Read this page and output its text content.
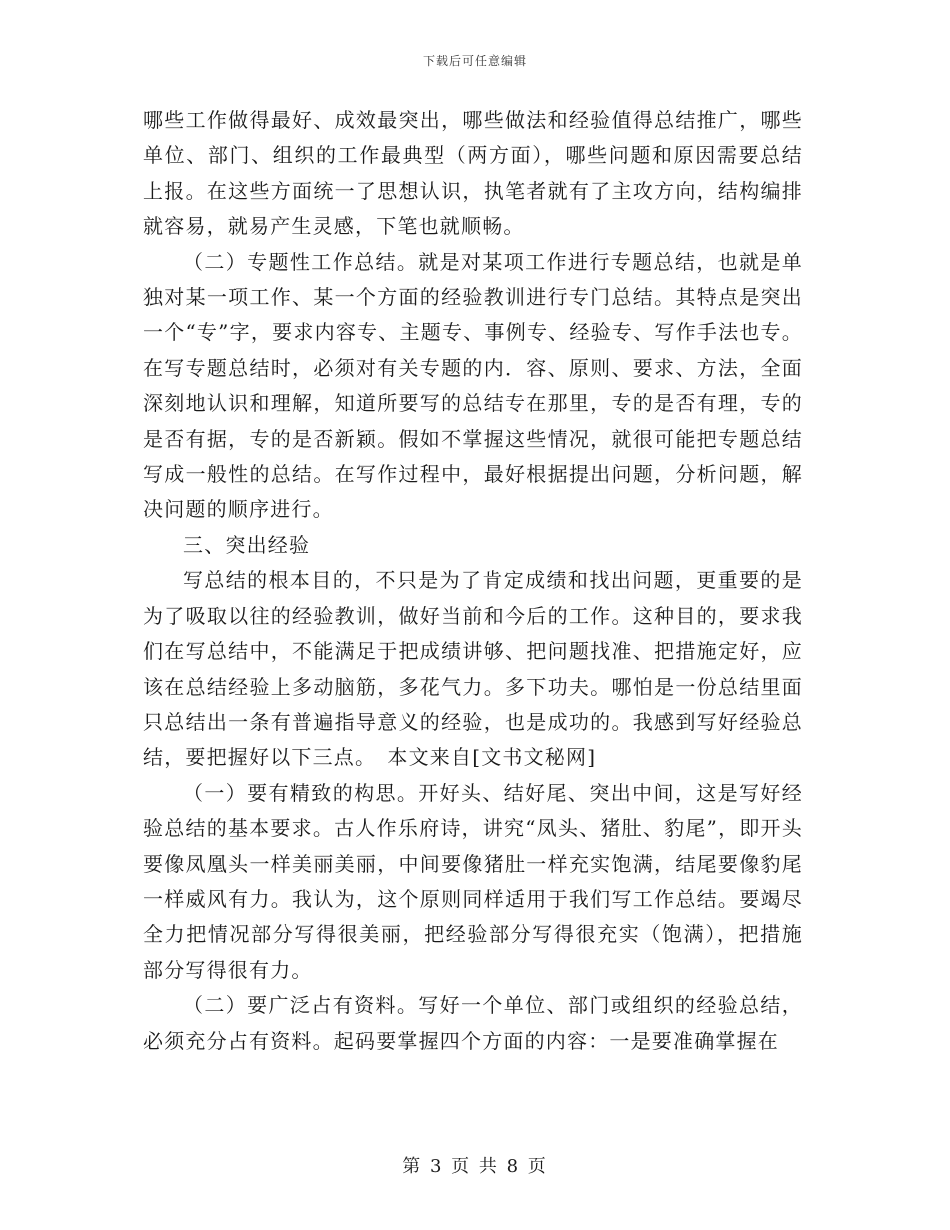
下载后可任意编辑

哪些工作做得最好、成效最突出，哪些做法和经验值得总结推广，哪些单位、部门、组织的工作最典型（两方面），哪些问题和原因需要总结上报。在这些方面统一了思想认识，执笔者就有了主攻方向，结构编排就容易，就易产生灵感，下笔也就顺畅。

（二）专题性工作总结。就是对某项工作进行专题总结，也就是单独对某一项工作、某一个方面的经验教训进行专门总结。其特点是突出一个“专”字，要求内容专、主题专、事例专、经验专、写作手法也专。在写专题总结时，必须对有关专题的内．容、原则、要求、方法，全面深刻地认识和理解，知道所要写的总结专在那里，专的是否有理，专的是否有据，专的是否新颖。假如不掌握这些情况，就很可能把专题总结写成一般性的总结。在写作过程中，最好根据提出问题，分析问题，解决问题的顺序进行。

三、突出经验

写总结的根本目的，不只是为了肯定成绩和找出问题，更重要的是为了吸取以往的经验教训，做好当前和今后的工作。这种目的，要求我们在写总结中，不能满足于把成绩讲够、把问题找准、把措施定好，应该在总结经验上多动脑筋，多花气力。多下功夫。哪怕是一份总结里面只总结出一条有普遍指导意义的经验，也是成功的。我感到写好经验总结，要把握好以下三点。　本文来自[文书文秘网]

（一）要有精致的构思。开好头、结好尾、突出中间，这是写好经验总结的基本要求。古人作乐府诗，讲究“凤头、猪肚、豹尾”，即开头要像凤凰头一样美丽美丽，中间要像猪肚一样充实饱满，结尾要像豹尾一样威风有力。我认为，这个原则同样适用于我们写工作总结。要竭尽全力把情况部分写得很美丽，把经验部分写得很充实（饱满），把措施部分写得很有力。

（二）要广泛占有资料。写好一个单位、部门或组织的经验总结，必须充分占有资料。起码要掌握四个方面的内容：一是要准确掌握在

第 3 页 共 8 页
